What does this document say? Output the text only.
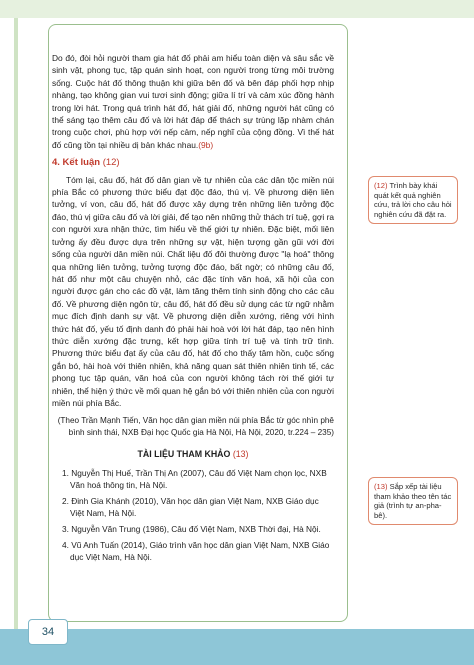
Do đó, đòi hỏi người tham gia hát đố phải am hiểu toàn diện và sâu sắc về sinh vật, phong tục, tập quán sinh hoạt, con người trong từng môi trường sống. Cuộc hát đố thông thuận khi giữa bên đố và bên đáp phối hợp nhịp nhàng, tạo không gian vui tươi sinh động; giữa lí trí và cảm xúc đồng hành trong lời hát. Trong quá trình hát đố, hát giải đố, những người hát cũng có thể sáng tạo thêm câu đố và lời hát đáp để thách sự trùng lặp nhàm chán trong cuộc chơi, phù hợp với nếp cảm, nếp nghĩ của cộng đồng. Vì thế hát đố cũng tồn tại nhiều dị bản khác nhau.(9b)

4. Kết luận (12)

Tóm lại, câu đố, hát đố dân gian về tự nhiên của các dân tộc miền núi phía Bắc có phương thức biểu đạt độc đáo, thú vị. Về phương diện liên tưởng, ví von, câu đố, hát đố được xây dựng trên những liên tưởng độc đáo, thú vị giữa câu đố và lời giải, để tạo nên những thử thách trí tuệ, gợi ra con người xưa nhận thức, tìm hiểu về thế giới tự nhiên. Đặc biệt, mối liên tưởng ấy đều được dựa trên những sự vật, hiện tượng gần gũi với đời sống của người dân miền núi. Chất liệu đố đôi thường được "lạ hoá" thông qua những liên tưởng, tưởng tượng độc đáo, bất ngờ; có những câu đố, hát đố như một câu chuyện nhỏ, các đặc tính văn hoá, xã hội của con người được gán cho các đồ vật, làm tăng thêm tính sinh động cho các câu đố. Về phương diện ngôn từ, câu đố, hát đố đều sử dụng các từ ngữ nhằm mục đích định danh sự vật. Về phương diện diễn xướng, riêng với hình thức hát đố, yếu tố định danh đó phải hài hoà với lời hát đáp, tạo nên hình thức diễn xướng đặc trưng, kết hợp giữa tính trí tuệ và tính trữ tình. Phương thức biểu đạt ấy của câu đố, hát đố cho thấy tâm hồn, cuộc sống gắn bó, hài hoà với thiên nhiên, khả năng quan sát thiên nhiên tinh tế, các phong tục tập quán, văn hoá của con người không tách rời thế giới tự nhiên, thể hiện ý thức về mối quan hệ gắn bó với thiên nhiên của con người miền núi phía Bắc.

(Theo Trần Mạnh Tiến, Văn học dân gian miền núi phía Bắc từ góc nhìn phê bình sinh thái, NXB Đại học Quốc gia Hà Nội, Hà Nội, 2020, tr.224 – 235)
TÀI LIỆU THAM KHẢO (13)
1. Nguyễn Thị Huế, Trần Thị An (2007), Câu đố Việt Nam chọn lọc, NXB Văn hoá thông tin, Hà Nội.
2. Đinh Gia Khánh (2010), Văn học dân gian Việt Nam, NXB Giáo dục Việt Nam, Hà Nội.
3. Nguyễn Văn Trung (1986), Câu đố Việt Nam, NXB Thời đại, Hà Nội.
4. Vũ Anh Tuấn (2014), Giáo trình văn học dân gian Việt Nam, NXB Giáo dục Việt Nam, Hà Nội.
(12) Trình bày khái quát kết quả nghiên cứu, trả lời cho câu hỏi nghiên cứu đã đặt ra.
(13) Sắp xếp tài liệu tham khảo theo tên tác giả (trình tự an-pha-bê).
34
